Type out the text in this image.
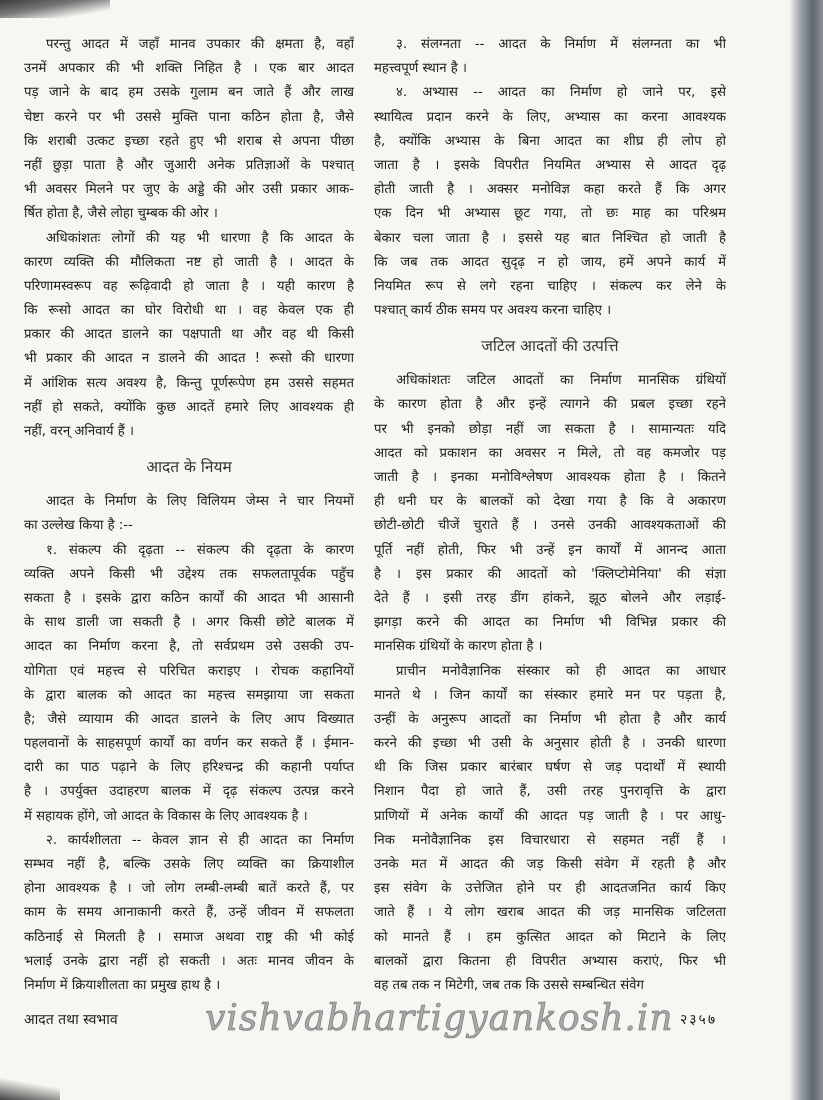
परन्तु आदत में जहाँ मानव उपकार की क्षमता है, वहाँ
उनमें अपकार की भी शक्ति निहित है । एक बार आदत
पड़ जाने के बाद हम उसके गुलाम बन जाते हैं और लाख
चेष्टा करने पर भी उससे मुक्ति पाना कठिन होता है, जैसे
कि शराबी उत्कट इच्छा रहते हुए भी शराब से अपना पीछा
नहीं छुड़ा पाता है और जुआरी अनेक प्रतिज्ञाओं के पश्चात्
भी अवसर मिलने पर जुए के अड्डे की ओर उसी प्रकार आक-
र्षित होता है, जैसे लोहा चुम्बक की ओर ।
अधिकांशतः लोगों की यह भी धारणा है कि आदत के
कारण व्यक्ति की मौलिकता नष्ट हो जाती है । आदत के
परिणामस्वरूप वह रूढ़िवादी हो जाता है । यही कारण है
कि रूसो आदत का घोर विरोधी था । वह केवल एक ही
प्रकार की आदत डालने का पक्षपाती था और वह थी किसी
भी प्रकार की आदत न डालने की आदत ! रूसो की धारणा
में आंशिक सत्य अवश्य है, किन्तु पूर्णरूपेण हम उससे सहमत
नहीं हो सकते, क्योंकि कुछ आदतें हमारे लिए आवश्यक ही
नहीं, वरन् अनिवार्य हैं ।
आदत के नियम
आदत के निर्माण के लिए विलियम जेम्स ने चार नियमों
का उल्लेख किया है :--
१. संकल्प की दृढ़ता -- संकल्प की दृढ़ता के कारण
व्यक्ति अपने किसी भी उद्देश्य तक सफलतापूर्वक पहुँच
सकता है । इसके द्वारा कठिन कार्यों की आदत भी आसानी
के साथ डाली जा सकती है । अगर किसी छोटे बालक में
आदत का निर्माण करना है, तो सर्वप्रथम उसे उसकी उप-
योगिता एवं महत्त्व से परिचित कराइए । रोचक कहानियों
के द्वारा बालक को आदत का महत्त्व समझाया जा सकता
है; जैसे व्यायाम की आदत डालने के लिए आप विख्यात
पहलवानों के साहसपूर्ण कार्यों का वर्णन कर सकते हैं । ईमान-
दारी का पाठ पढ़ाने के लिए हरिश्चन्द्र की कहानी पर्याप्त
है । उपर्युक्त उदाहरण बालक में दृढ़ संकल्प उत्पन्न करने
में सहायक होंगे, जो आदत के विकास के लिए आवश्यक है ।
२. कार्यशीलता -- केवल ज्ञान से ही आदत का निर्माण
सम्भव नहीं है, बल्कि उसके लिए व्यक्ति का क्रियाशील
होना आवश्यक है । जो लोग लम्बी-लम्बी बातें करते हैं, पर
काम के समय आनाकानी करते हैं, उन्हें जीवन में सफलता
कठिनाई से मिलती है । समाज अथवा राष्ट्र की भी कोई
भलाई उनके द्वारा नहीं हो सकती । अतः मानव जीवन के
निर्माण में क्रियाशीलता का प्रमुख हाथ है ।
३. संलग्नता -- आदत के निर्माण में संलग्नता का भी
महत्त्वपूर्ण स्थान है ।
४. अभ्यास -- आदत का निर्माण हो जाने पर, इसे
स्थायित्व प्रदान करने के लिए, अभ्यास का करना आवश्यक
है, क्योंकि अभ्यास के बिना आदत का शीघ्र ही लोप हो
जाता है । इसके विपरीत नियमित अभ्यास से आदत दृढ़
होती जाती है । अक्सर मनोविज्ञ कहा करते हैं कि अगर
एक दिन भी अभ्यास छूट गया, तो छः माह का परिश्रम
बेकार चला जाता है । इससे यह बात निश्चित हो जाती है
कि जब तक आदत सुदृढ़ न हो जाय, हमें अपने कार्य में
नियमित रूप से लगे रहना चाहिए । संकल्प कर लेने के
पश्चात् कार्य ठीक समय पर अवश्य करना चाहिए ।
जटिल आदतों की उत्पत्ति
अधिकांशतः जटिल आदतों का निर्माण मानसिक ग्रंथियों
के कारण होता है और इन्हें त्यागने की प्रबल इच्छा रहने
पर भी इनको छोड़ा नहीं जा सकता है । सामान्यतः यदि
आदत को प्रकाशन का अवसर न मिले, तो वह कमजोर पड़
जाती है । इनका मनोविश्लेषण आवश्यक होता है । कितने
ही धनी घर के बालकों को देखा गया है कि वे अकारण
छोटी-छोटी चीजें चुराते हैं । उनसे उनकी आवश्यकताओं की
पूर्ति नहीं होती, फिर भी उन्हें इन कार्यों में आनन्द आता
है । इस प्रकार की आदतों को 'क्लिप्टोमेनिया' की संज्ञा
देते हैं । इसी तरह डींग हांकने, झूठ बोलने और लड़ाई-
झगड़ा करने की आदत का निर्माण भी विभिन्न प्रकार की
मानसिक ग्रंथियों के कारण होता है ।
प्राचीन मनोवैज्ञानिक संस्कार को ही आदत का आधार
मानते थे । जिन कार्यों का संस्कार हमारे मन पर पड़ता है,
उन्हीं के अनुरूप आदतों का निर्माण भी होता है और कार्य
करने की इच्छा भी उसी के अनुसार होती है । उनकी धारणा
थी कि जिस प्रकार बारंबार घर्षण से जड़ पदार्थों में स्थायी
निशान पैदा हो जाते हैं, उसी तरह पुनरावृत्ति के द्वारा
प्राणियों में अनेक कार्यों की आदत पड़ जाती है । पर आधु-
निक मनोवैज्ञानिक इस विचारधारा से सहमत नहीं हैं ।
उनके मत में आदत की जड़ किसी संवेग में रहती है और
इस संवेग के उत्तेजित होने पर ही आदतजनित कार्य किए
जाते हैं । ये लोग खराब आदत की जड़ मानसिक जटिलता
को मानते हैं । हम कुत्सित आदत को मिटाने के लिए
बालकों द्वारा कितना ही विपरीत अभ्यास कराएं, फिर भी
वह तब तक न मिटेगी, जब तक कि उससे सम्बन्धित संवेग
आदत तथा स्वभाव vishvabhartigyankosh.in २३५७
